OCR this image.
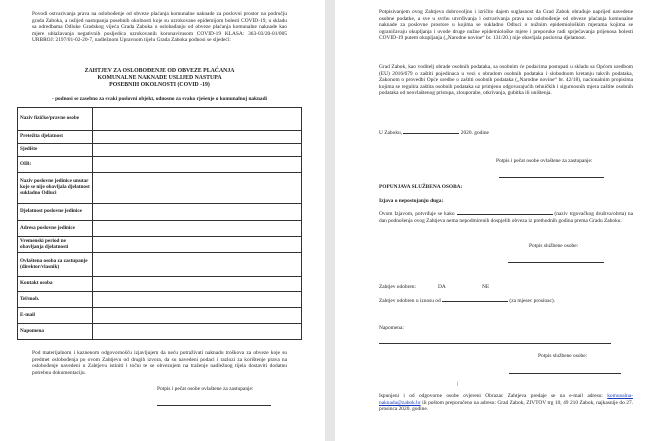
Povodi ostvarivanja prava na oslobođenje od obveze plaćanja komunalne naknade za poslovni prostor na području grada Zaboka, a uslijed nastupanja posebnih okolnosti koje su uzrokovane epidemijom bolesti COVID-19, u skladu sa odredbama Odluke Gradskog vijeća Grada Zaboka o oslobađanju od obveze plaćanja komunalne naknade kao mjere ublažavanja negativnih posljedica uzrokovanih koronavirusom COVID-19 KLASA: 363-03/20-01/005 URBROJ: 2197/01-02-20-7, nadležnom Upravnom tijelu Grada Zaboka podnosi se sljedeći:
ZAHTJEV ZA OSLOBOĐENJE OD OBVEZE PLAĆANJA
KOMUNALNE NAKNADE USLIJED NASTUPA
POSEBNIH OKOLNOSTI (COVID -19)
- podnosi se zasebno za svaki poslovni objekt, odnosno za svako rješenje o komunalnoj naknadi
Naziv fizičke/pravne osobe	
Pretežita djelatnost	
Sjedište	
OIB:	
Naziv poslovne jedinice unutar koje se nije obavljala djelatnost sukladno Odluci	
Djelatnost poslovne jedinice	
Adresa poslovne jedinice	
Vremenski period ne obavljanja djelatnosti	
Ovlaštena osoba za zastupanje (direktor/vlasnik)	
Kontakt osoba	
Tel/mob.	
E-mail	
Napomena	
Pod materijalnom i kaznenom odgovornošću izjavljujem da neću potraživati naknadu troškova za obveze koje su predmet oslobođenja po ovom Zahtjevu od drugih izvora, da su navedeni podaci i razlozi za korištenje prava na oslobođenje navedeni u Zahtjevu istiniti i točni te se obvezujem na traženje nadležnog tijela dostaviti dodatnu potrebnu dokumentaciju.
Potpis i pečat osobe ovlaštene za zastupanje:
Potpisivanjem ovog Zahtjeva dobrovoljno i izričito dajem suglasnost da Grad Zabok obrađuje naprijed navedene osobne podatke, a sve u svrhu utvrđivanja i ostvarivanja prava na oslobođenje od obveze plaćanja komunalne naknade za poslovne prostore u kojima se sukladno Odluci o nužnim epidemiološkim mjerama kojima se ograničavaju okupljanja i uvode druge nužne epidemiološke mjere i preporuke radi sprječavanja prijenosa bolesti COVID-19 putem okupljanja („Narodne novine“ br. 131/20.) nije obavljala poslovna djelatnost.
Grad Zabok, kao voditelj obrade osobnih podataka, sa osobnim će podacima postupati u skladu sa Općom uredbom (EU) 2016/679 o zaštiti pojedinaca u vezi s obradom osobnih podataka i slobodnom kretanju takvih podataka, Zakonom o provedbi Opće uredbe o zaštiti osobnih podataka („Narodne novine“ br. 42/18), nacionalnim propisima kojima se regulira zaštita osobnih podataka uz primjenu odgovarajućih tehničkih i sigurnosnih mjera zaštite osobnih podataka od neovlaštenog pristupa, zlouporabe, otkrivanja, gubitka ili uništenja.
U Zaboku,	2020. godine
Potpis i pečat osobe ovlaštene za zastupanje:
POPUNJAVA SLUŽBENA OSOBA:
Izjava o nepostojanju duga:
Ovom Izjavom, potvrđuje se kako	(naziv trgovačkog društva/obrta) na dan podnošenja ovog Zahtjeva nema nepodmirenih dospjelih obveza iz prethodnih godina prema Gradu Zaboku.
Potpis službene osobe:
Zahtjev odobren:	DA	NE
Zahtjev odobren u iznosu od	(za mjesec prosinac).
Napomena:
Potpis službene osobe:
|
Ispunjeni i od odgovorne osobe ovjereni Obrazac Zahtjeva predaje se na e-mail adresu: komunalna-naknada@zabok.hr ili poštom preporučeno na adresu: Grad Zabok, ZIVTOV trg 10, 49 210 Zabok, najkasnije do 27. prosinca 2020. godine.
